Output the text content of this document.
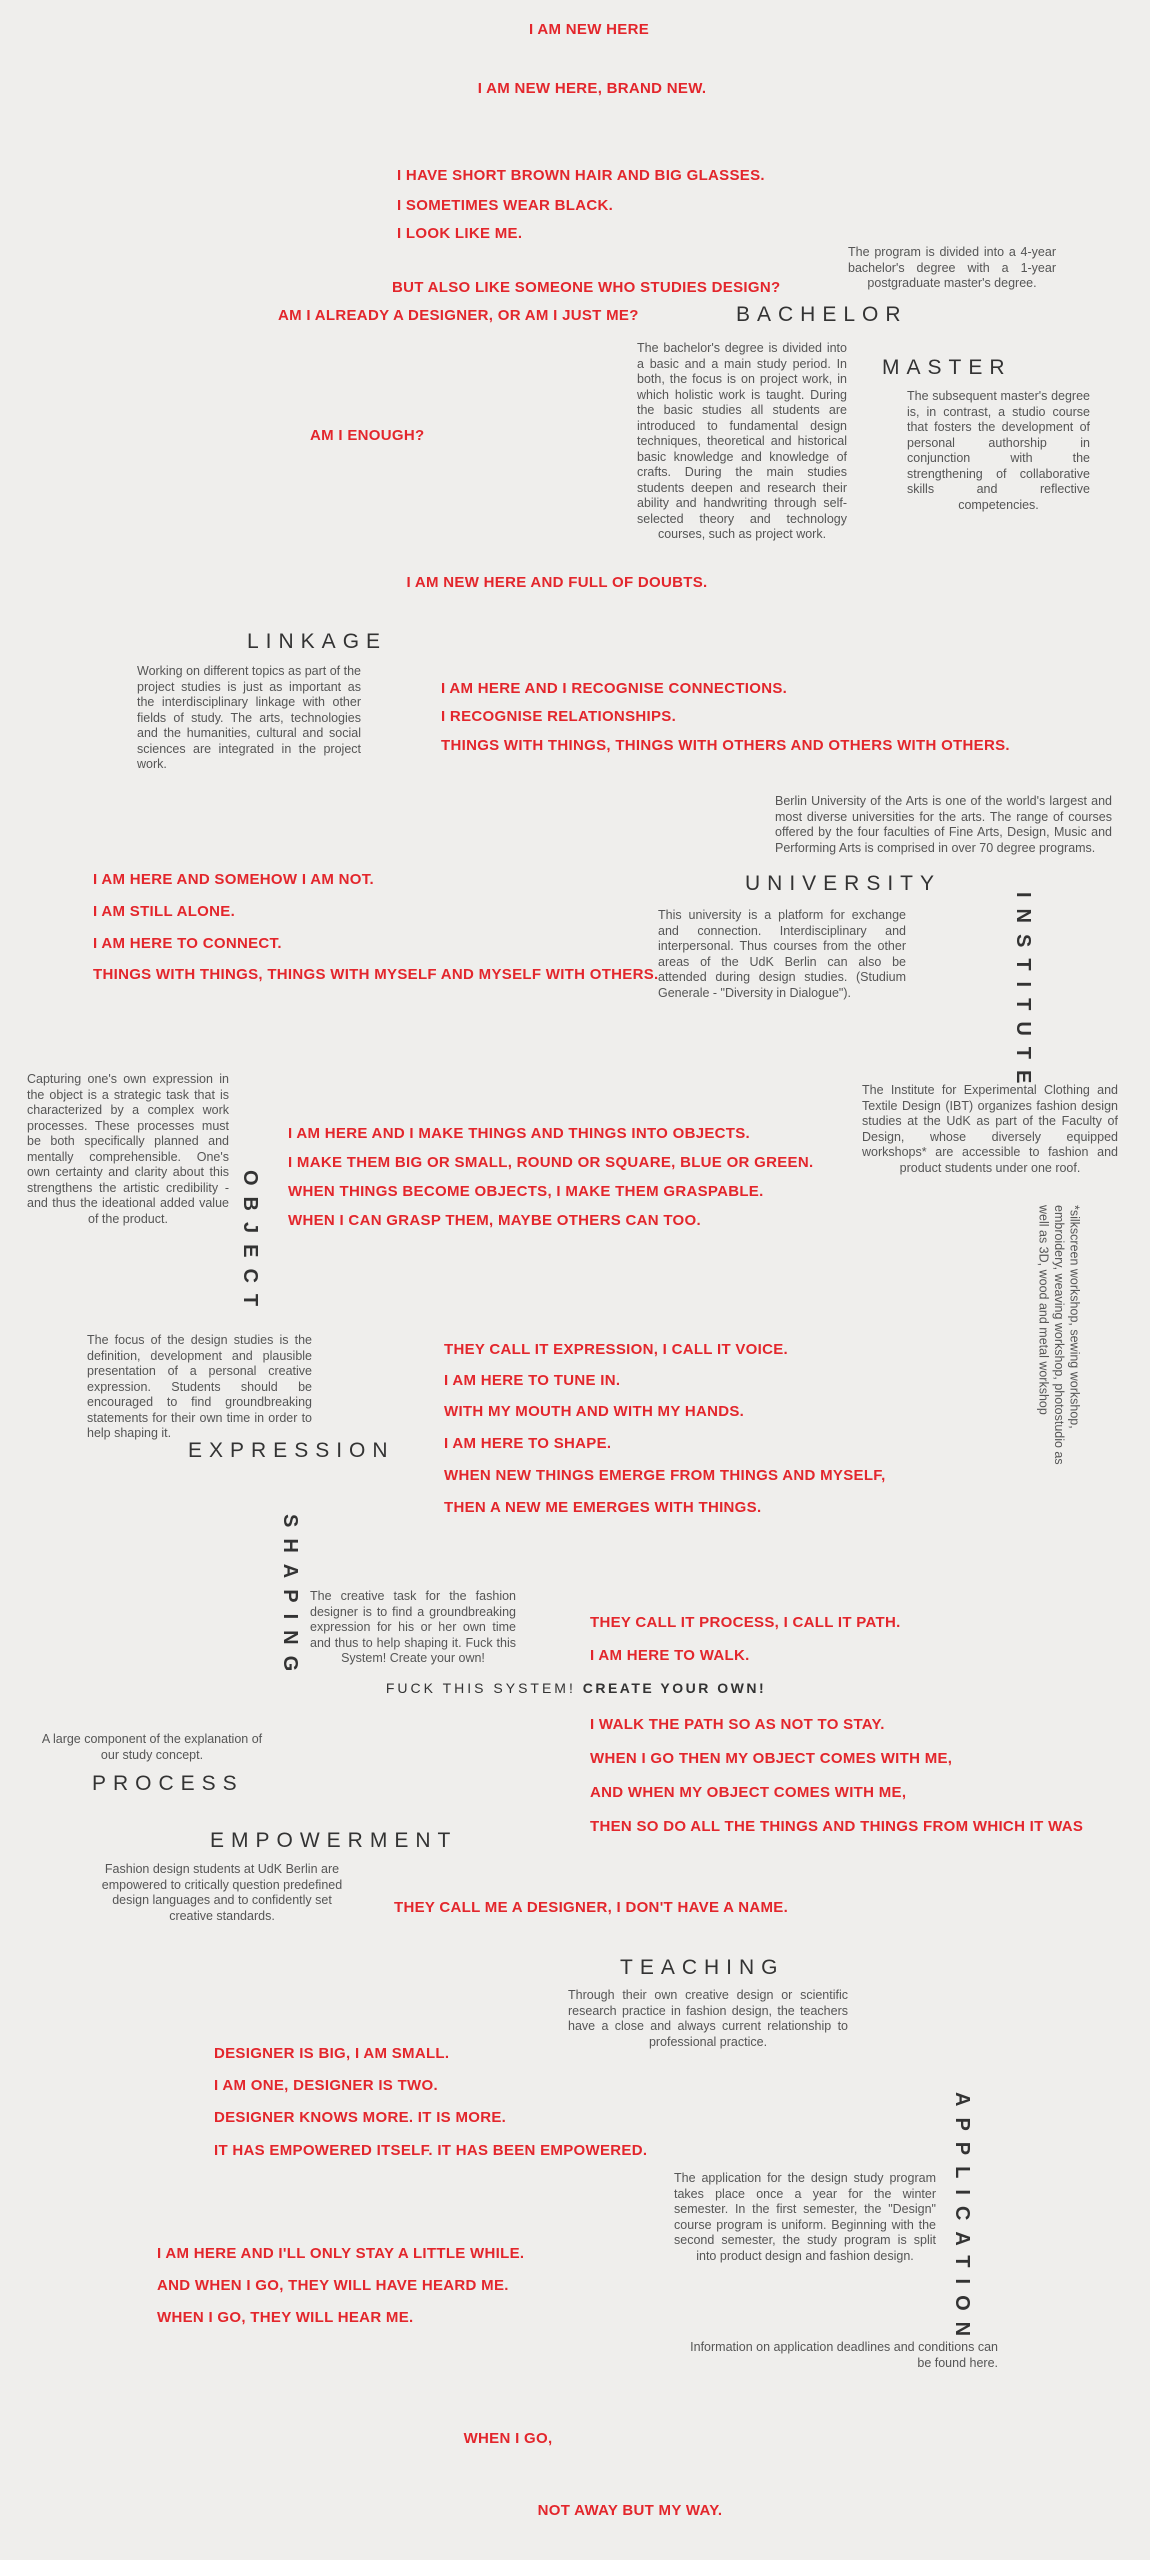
I AM NEW HERE

I AM NEW HERE, BRAND NEW.

I HAVE SHORT BROWN HAIR AND BIG GLASSES.

I SOMETIMES WEAR BLACK.

I LOOK LIKE ME.

BUT ALSO LIKE SOMEONE WHO STUDIES DESIGN?

AM I ALREADY A DESIGNER, OR AM I JUST ME?

AM I ENOUGH?

I AM NEW HERE AND FULL OF DOUBTS.

I AM HERE AND I RECOGNISE CONNECTIONS.

I RECOGNISE RELATIONSHIPS.

THINGS WITH THINGS, THINGS WITH OTHERS AND OTHERS WITH OTHERS.

I AM HERE AND SOMEHOW I AM NOT.

I AM STILL ALONE.

I AM HERE TO CONNECT.

THINGS WITH THINGS, THINGS WITH MYSELF AND MYSELF WITH OTHERS.

I AM HERE AND I MAKE THINGS AND THINGS INTO OBJECTS.

I MAKE THEM BIG OR SMALL, ROUND OR SQUARE, BLUE OR GREEN.

WHEN THINGS BECOME OBJECTS, I MAKE THEM GRASPABLE.

WHEN I CAN GRASP THEM, MAYBE OTHERS CAN TOO.

THEY CALL IT EXPRESSION, I CALL IT VOICE.

I AM HERE TO TUNE IN.

WITH MY MOUTH AND WITH MY HANDS.

I AM HERE TO SHAPE.

WHEN NEW THINGS EMERGE FROM THINGS AND MYSELF,

THEN A NEW ME EMERGES WITH THINGS.

THEY CALL IT PROCESS, I CALL IT PATH.

I AM HERE TO WALK.

I WALK THE PATH SO AS NOT TO STAY.

WHEN I GO THEN MY OBJECT COMES WITH ME,

AND WHEN MY OBJECT COMES WITH ME,

THEN SO DO ALL THE THINGS AND THINGS FROM WHICH IT WAS

THEY CALL ME A DESIGNER, I DON'T HAVE A NAME.

DESIGNER IS BIG, I AM SMALL.

I AM ONE, DESIGNER IS TWO.

DESIGNER KNOWS MORE. IT IS MORE.

IT HAS EMPOWERED ITSELF. IT HAS BEEN EMPOWERED.

I AM HERE AND I'LL ONLY STAY A LITTLE WHILE.

AND WHEN I GO, THEY WILL HAVE HEARD ME.

WHEN I GO, THEY WILL HEAR ME.

WHEN I GO,

NOT AWAY BUT MY WAY.

BACHELOR
MASTER
LINKAGE
UNIVERSITY
INSTITUTE
OBJECT
EXPRESSION
SHAPING
PROCESS
EMPOWERMENT
TEACHING
APPLICATION

The program is divided into a 4-year bachelor's degree with a 1-year postgraduate master's degree.

The bachelor's degree is divided into a basic and a main study period. In both, the focus is on project work, in which holistic work is taught. During the basic studies all students are introduced to fundamental design techniques, theoretical and historical basic knowledge and knowledge of crafts. During the main studies students deepen and research their ability and handwriting through self-selected theory and technology courses, such as project work.

The subsequent master's degree is, in contrast, a studio course that fosters the development of personal authorship in conjunction with the strengthening of collaborative skills and reflective competencies.

Working on different topics as part of the project studies is just as important as the interdisciplinary linkage with other fields of study. The arts, technologies and the humanities, cultural and social sciences are integrated in the project work.

Berlin University of the Arts is one of the world's largest and most diverse universities for the arts. The range of courses offered by the four faculties of Fine Arts, Design, Music and Performing Arts is comprised in over 70 degree programs.

This university is a platform for exchange and connection. Interdisciplinary and interpersonal. Thus courses from the other areas of the UdK Berlin can also be attended during design studies. (Studium Generale - "Diversity in Dialogue").

Capturing one's own expression in the object is a strategic task that is characterized by a complex work processes. These processes must be both specifically planned and mentally comprehensible. One's own certainty and clarity about this strengthens the artistic credibility - and thus the ideational added value of the product.

The Institute for Experimental Clothing and Textile Design (IBT) organizes fashion design studies at the UdK as part of the Faculty of Design, whose diversely equipped workshops* are accessible to fashion and product students under one roof.

*silkscreen workshop, sewing workshop, embroidery, weaving workshop, photostudio as well as 3D, wood and metal workshop

The focus of the design studies is the definition, development and plausible presentation of a personal creative expression. Students should be encouraged to find groundbreaking statements for their own time in order to help shaping it.

The creative task for the fashion designer is to find a groundbreaking expression for his or her own time and thus to help shaping it. Fuck this System! Create your own!

A large component of the explanation of our study concept.

Fashion design students at UdK Berlin are empowered to critically question predefined design languages and to confidently set creative standards.

Through their own creative design or scientific research practice in fashion design, the teachers have a close and always current relationship to professional practice.

The application for the design study program takes place once a year for the winter semester. In the first semester, the "Design" course program is uniform. Beginning with the second semester, the study program is split into product design and fashion design.

Information on application deadlines and conditions can be found here.

FUCK THIS SYSTEM! CREATE YOUR OWN!
